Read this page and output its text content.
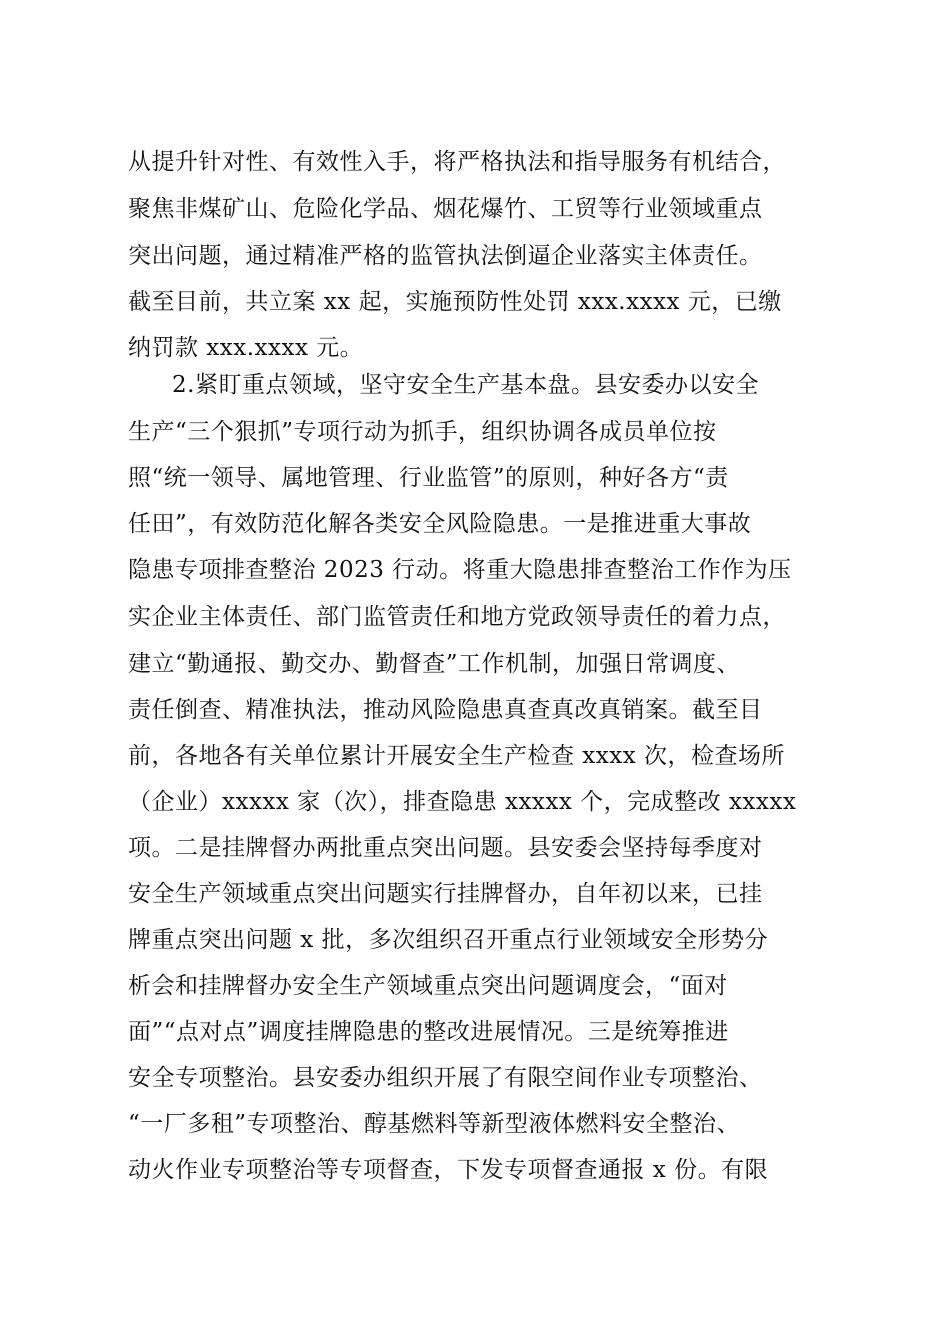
从提升针对性、有效性入手，将严格执法和指导服务有机结合，
聚焦非煤矿山、危险化学品、烟花爆竹、工贸等行业领域重点
突出问题，通过精准严格的监管执法倒逼企业落实主体责任。
截至目前，共立案 xx 起，实施预防性处罚 xxx.xxxx 元，已缴
纳罚款 xxx.xxxx 元。
2.紧盯重点领域，坚守安全生产基本盘。县安委办以安全
生产“三个狠抓”专项行动为抓手，组织协调各成员单位按
照“统一领导、属地管理、行业监管”的原则，种好各方“责
任田”，有效防范化解各类安全风险隐患。一是推进重大事故
隐患专项排查整治 2023 行动。将重大隐患排查整治工作作为压
实企业主体责任、部门监管责任和地方党政领导责任的着力点，
建立“勤通报、勤交办、勤督查”工作机制，加强日常调度、
责任倒查、精准执法，推动风险隐患真查真改真销案。截至目
前，各地各有关单位累计开展安全生产检查 xxxx 次，检查场所
（企业）xxxxx 家（次），排查隐患 xxxxx 个，完成整改 xxxxx
项。二是挂牌督办两批重点突出问题。县安委会坚持每季度对
安全生产领域重点突出问题实行挂牌督办，自年初以来，已挂
牌重点突出问题 x 批，多次组织召开重点行业领域安全形势分
析会和挂牌督办安全生产领域重点突出问题调度会，“面对
面”“点对点”调度挂牌隐患的整改进展情况。三是统筹推进
安全专项整治。县安委办组织开展了有限空间作业专项整治、
“一厂多租”专项整治、醇基燃料等新型液体燃料安全整治、
动火作业专项整治等专项督查，下发专项督查通报 x 份。有限
